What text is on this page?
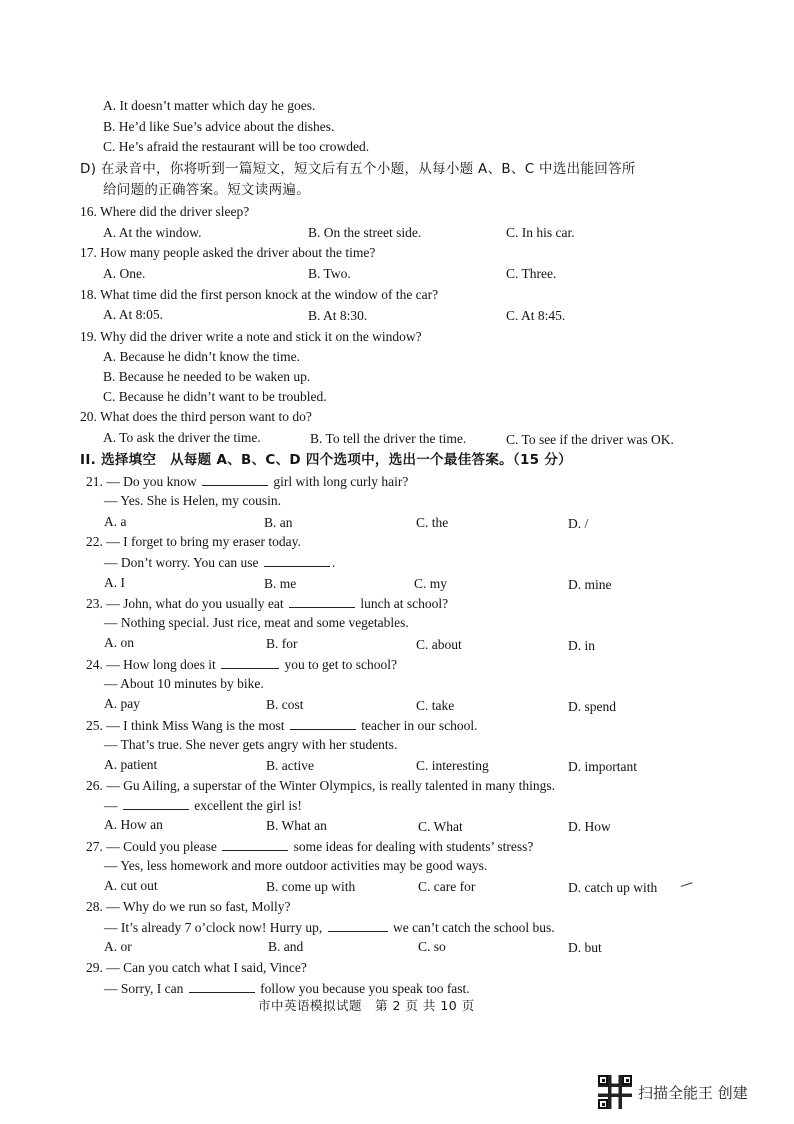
A. It doesn’t matter which day he goes.
B. He’d like Sue’s advice about the dishes.
C. He’s afraid the restaurant will be too crowded.
D) 在录音中，你将听到一篇短文，短文后有五个小题，从每小题 A、B、C 中选出能回答所
给问题的正确答案。短文读两遍。
16. Where did the driver sleep?
A. At the window.	B. On the street side.	C. In his car.
17. How many people asked the driver about the time?
A. One.	B. Two.	C. Three.
18. What time did the first person knock at the window of the car?
A. At 8:05.	B. At 8:30.	C. At 8:45.
19. Why did the driver write a note and stick it on the window?
A. Because he didn’t know the time.
B. Because he needed to be waken up.
C. Because he didn’t want to be troubled.
20. What does the third person want to do?
A. To ask the driver the time.	B. To tell the driver the time.	C. To see if the driver was OK.
II. 选择填空　从每题 A、B、C、D 四个选项中，选出一个最佳答案。（15 分）
21. — Do you know	girl with long curly hair?
— Yes. She is Helen, my cousin.
A. a	B. an	C. the	D. /
22. — I forget to bring my eraser today.
— Don’t worry. You can use	.
A. I	B. me	C. my	D. mine
23. — John, what do you usually eat	lunch at school?
— Nothing special. Just rice, meat and some vegetables.
A. on	B. for	C. about	D. in
24. — How long does it	you to get to school?
— About 10 minutes by bike.
A. pay	B. cost	C. take	D. spend
25. — I think Miss Wang is the most	teacher in our school.
— That’s true. She never gets angry with her students.
A. patient	B. active	C. interesting	D. important
26. — Gu Ailing, a superstar of the Winter Olympics, is really talented in many things.
—	excellent the girl is!
A. How an	B. What an	C. What	D. How
27. — Could you please	some ideas for dealing with students’ stress?
— Yes, less homework and more outdoor activities may be good ways.
A. cut out	B. come up with	C. care for	D. catch up with
28. — Why do we run so fast, Molly?
— It’s already 7 o’clock now! Hurry up,	we can’t catch the school bus.
A. or	B. and	C. so	D. but
29. — Can you catch what I said, Vince?
— Sorry, I can	follow you because you speak too fast.
市中英语模拟试题　第 2 页 共 10 页
扫描全能王 创建
